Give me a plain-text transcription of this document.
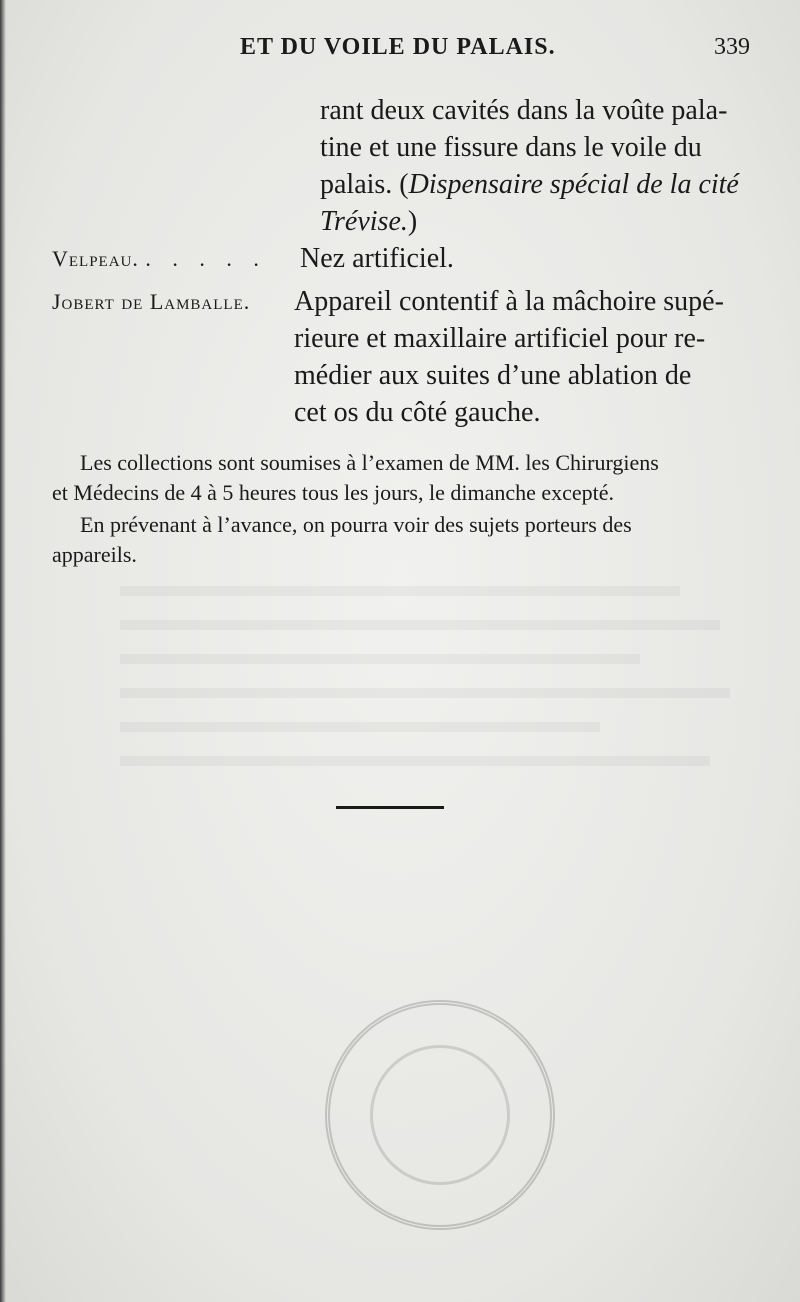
ET DU VOILE DU PALAIS.	339
rant deux cavités dans la voûte pala-
tine et une fissure dans le voile du
palais. (Dispensaire spécial de la cité
Trévise.)
Velpeau. . . . . . Nez artificiel.
Jobert de Lamballe. Appareil contentif à la mâchoire supé-
rieure et maxillaire artificiel pour re-
médier aux suites d’une ablation de
cet os du côté gauche.
Les collections sont soumises à l’examen de MM. les Chirurgiens
et Médecins de 4 à 5 heures tous les jours, le dimanche excepté.
En prévenant à l’avance, on pourra voir des sujets porteurs des
appareils.
